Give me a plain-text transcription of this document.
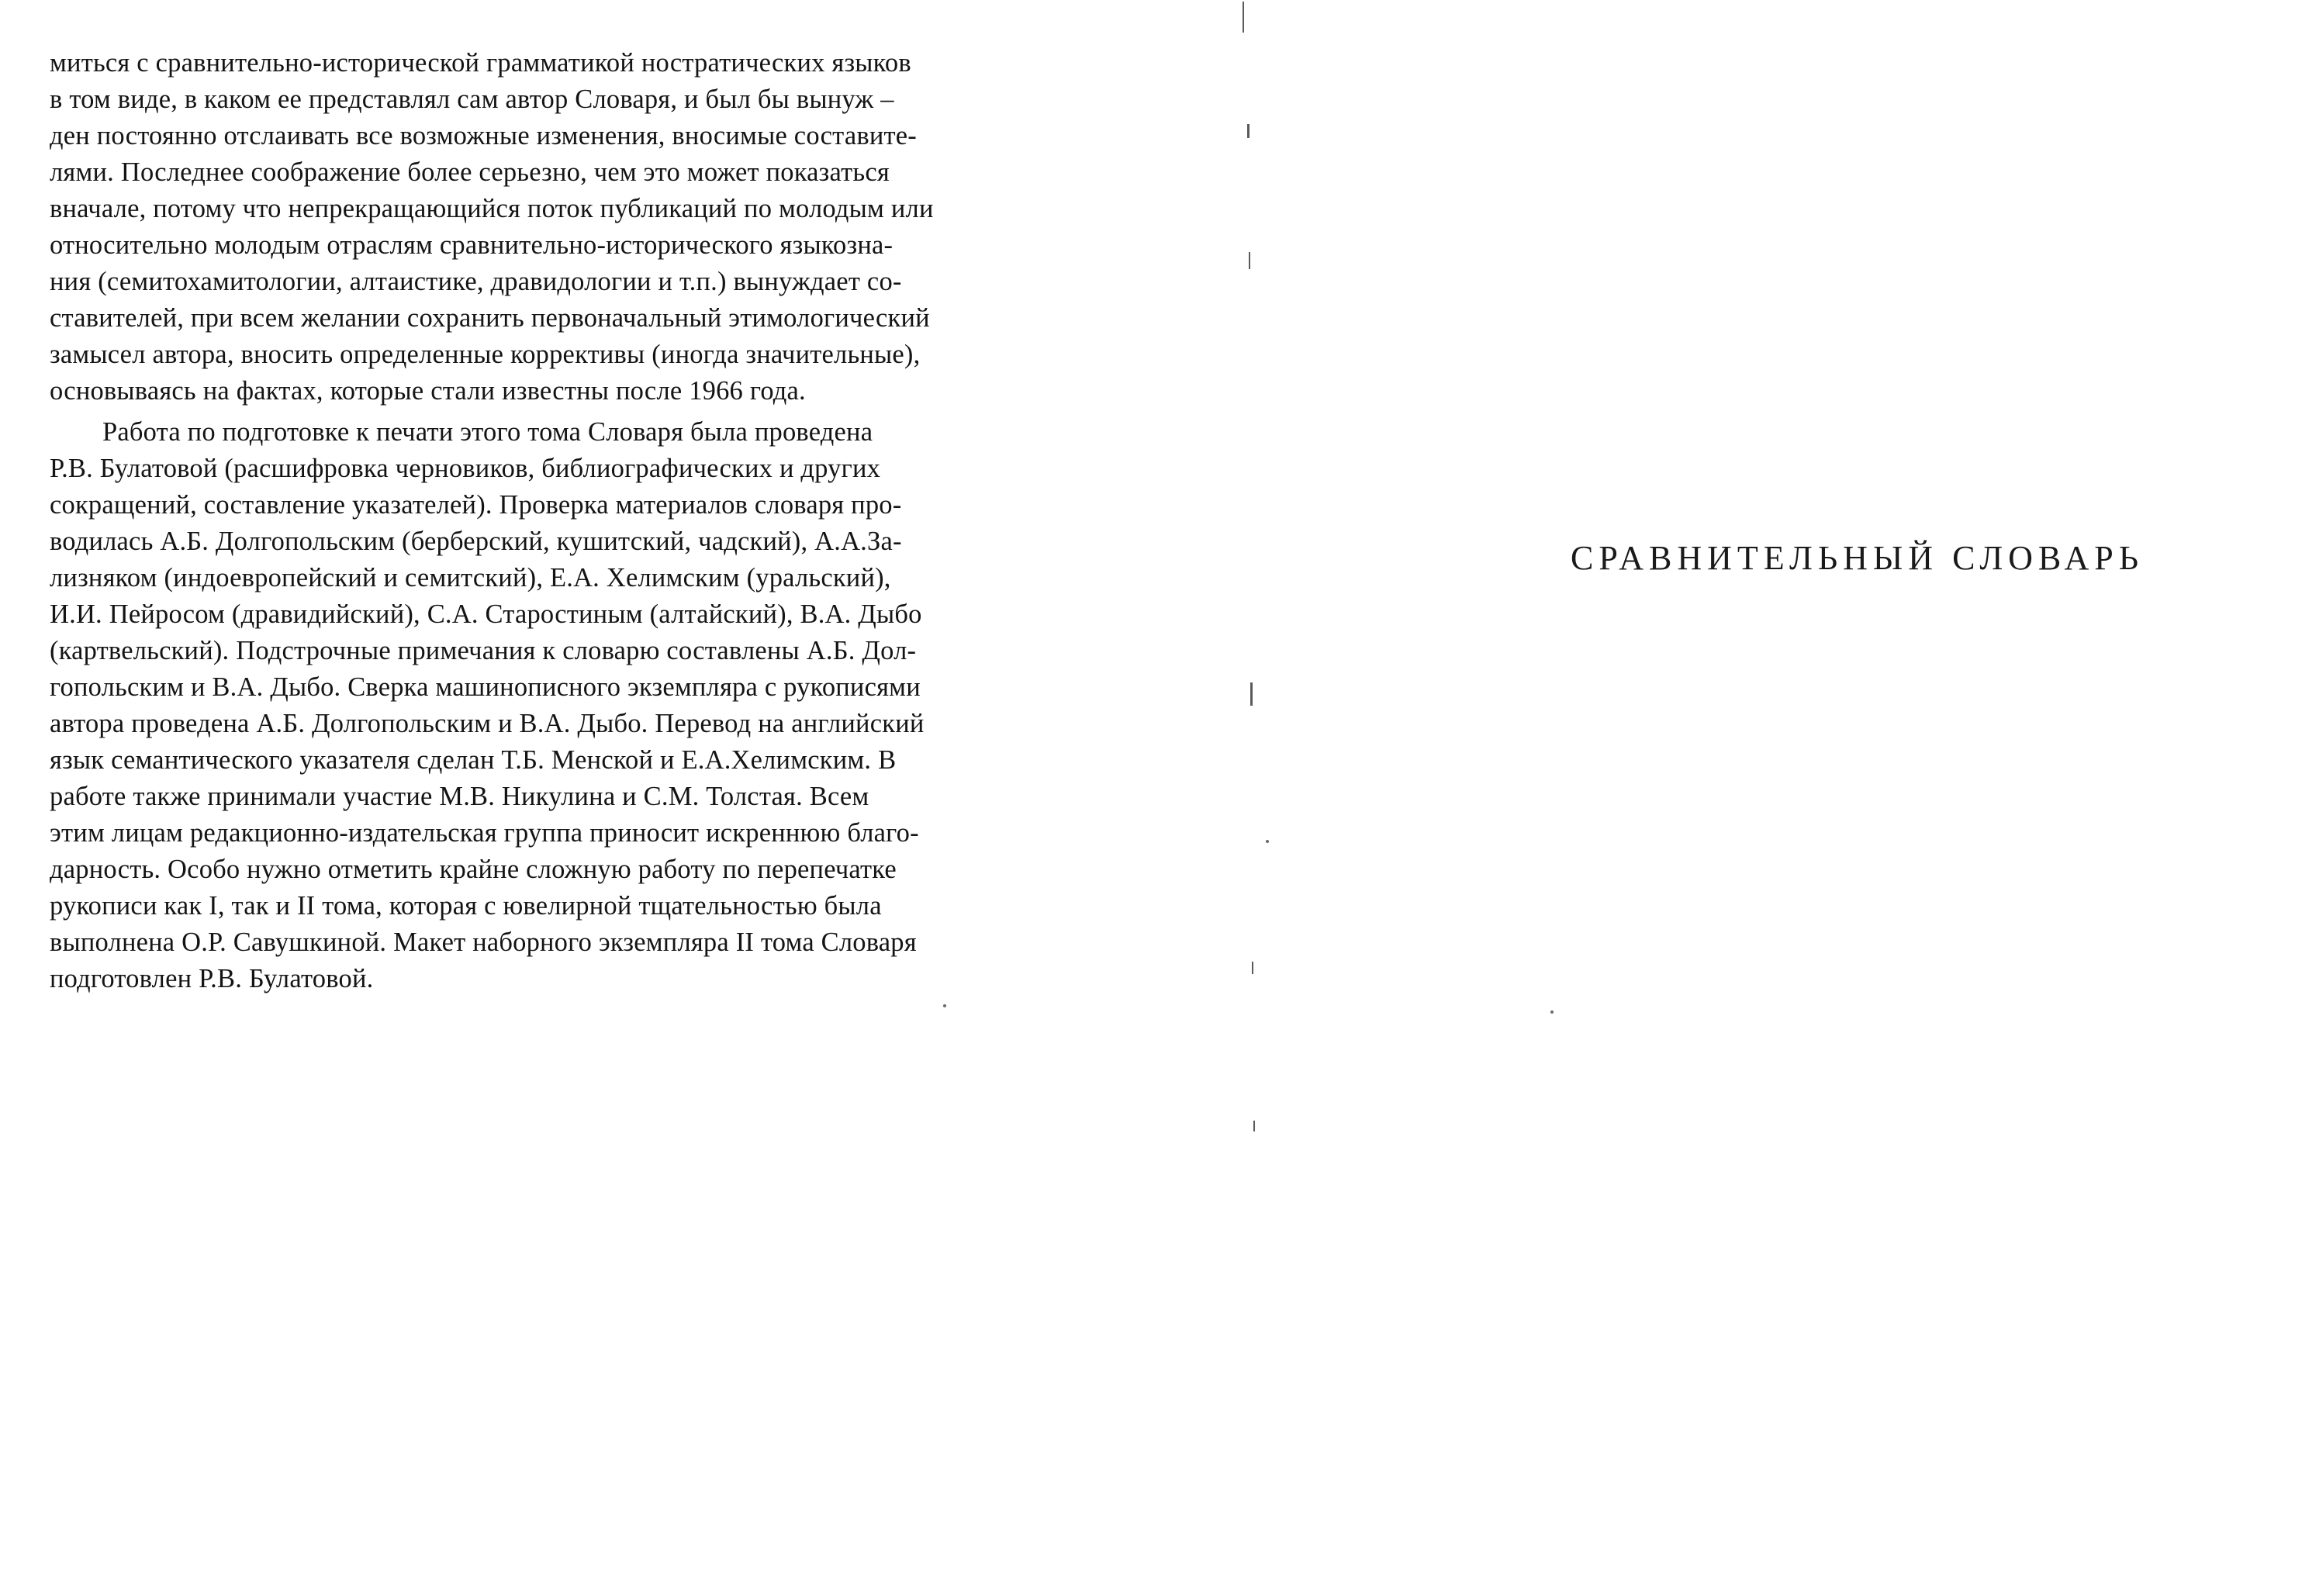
миться с сравнительно-исторической грамматикой ностратических языков
в том виде, в каком ее представлял сам автор Словаря, и был бы вынуж –
ден постоянно отслаивать все возможные изменения, вносимые составите-
лями. Последнее соображение более серьезно, чем это может показаться
вначале, потому что непрекращающийся поток публикаций по молодым или
относительно молодым отраслям сравнительно-исторического языкозна-
ния (семитохамитологии, алтаистике, дравидологии и т.п.) вынуждает со-
ставителей, при всем желании сохранить первоначальный этимологический
замысел автора, вносить определенные коррективы (иногда значительные),
основываясь на фактах, которые стали известны после 1966 года.
Работа по подготовке к печати этого тома Словаря была проведена
Р.В. Булатовой (расшифровка черновиков, библиографических и других
сокращений, составление указателей). Проверка материалов словаря про-
водилась А.Б. Долгопольским (берберский, кушитский, чадский), А.А.За-
лизняком (индоевропейский и семитский), Е.А. Хелимским (уральский),
И.И. Пейросом (дравидийский), С.А. Старостиным (алтайский), В.А. Дыбо
(картвельский). Подстрочные примечания к словарю составлены А.Б. Дол-
гопольским и В.А. Дыбо. Сверка машинописного экземпляра с рукописями
автора проведена А.Б. Долгопольским и В.А. Дыбо. Перевод на английский
язык семантического указателя сделан Т.Б. Менской и Е.А.Хелимским. В
работе также принимали участие М.В. Никулина и С.М. Толстая. Всем
этим лицам редакционно-издательская группа приносит искреннюю благо-
дарность. Особо нужно отметить крайне сложную работу по перепечатке
рукописи как I, так и II тома, которая с ювелирной тщательностью была
выполнена О.Р. Савушкиной. Макет наборного экземпляра II тома Словаря
подготовлен Р.В. Булатовой.
СРАВНИТЕЛЬНЫЙ СЛОВАРЬ
